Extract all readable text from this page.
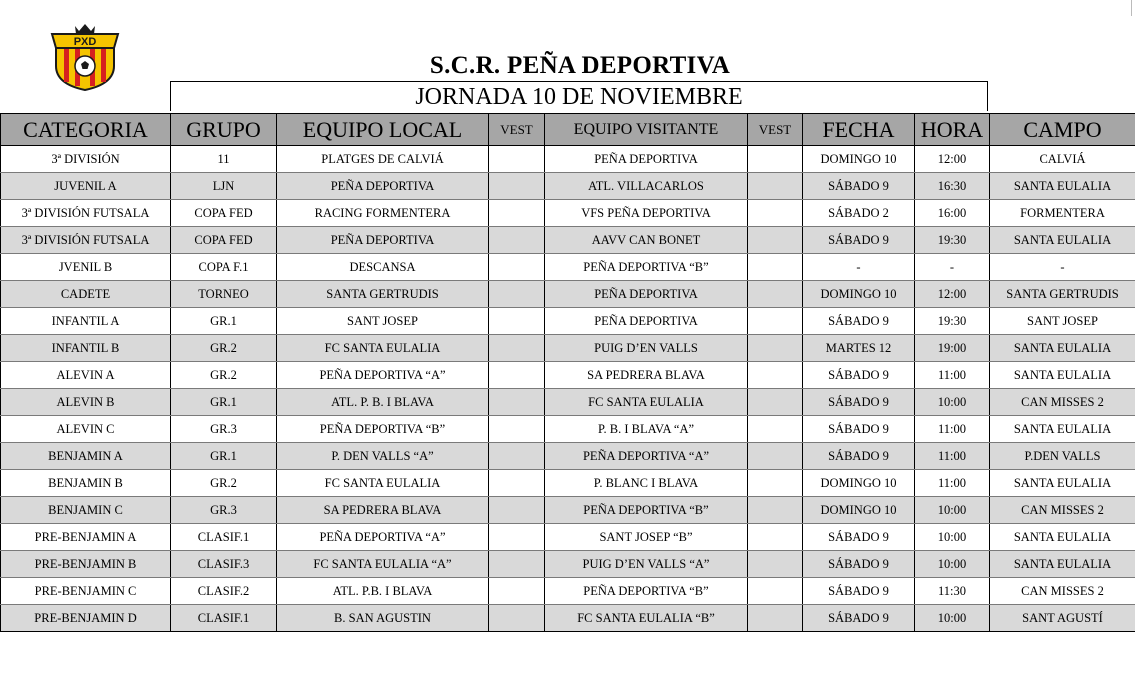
PXD
S.C.R. PEÑA DEPORTIVA
JORNADA 10 DE NOVIEMBRE
CATEGORIA	GRUPO	EQUIPO LOCAL	VEST	EQUIPO VISITANTE	VEST	FECHA	HORA	CAMPO
3ª DIVISIÓN	11	PLATGES DE CALVIÁ		PEÑA DEPORTIVA		DOMINGO 10	12:00	CALVIÁ
JUVENIL A	LJN	PEÑA DEPORTIVA		ATL. VILLACARLOS		SÁBADO 9	16:30	SANTA EULALIA
3ª DIVISIÓN FUTSALA	COPA FED	RACING FORMENTERA		VFS PEÑA DEPORTIVA		SÁBADO 2	16:00	FORMENTERA
3ª DIVISIÓN FUTSALA	COPA FED	PEÑA DEPORTIVA		AAVV CAN BONET		SÁBADO 9	19:30	SANTA EULALIA
JVENIL B	COPA F.1	DESCANSA		PEÑA DEPORTIVA “B”		-	-	-
CADETE	TORNEO	SANTA GERTRUDIS		PEÑA DEPORTIVA		DOMINGO 10	12:00	SANTA GERTRUDIS
INFANTIL A	GR.1	SANT JOSEP		PEÑA DEPORTIVA		SÁBADO 9	19:30	SANT JOSEP
INFANTIL B	GR.2	FC SANTA EULALIA		PUIG D’EN VALLS		MARTES 12	19:00	SANTA EULALIA
ALEVIN A	GR.2	PEÑA DEPORTIVA “A”		SA PEDRERA BLAVA		SÁBADO 9	11:00	SANTA EULALIA
ALEVIN B	GR.1	ATL. P. B. I BLAVA		FC SANTA EULALIA		SÁBADO 9	10:00	CAN MISSES 2
ALEVIN C	GR.3	PEÑA DEPORTIVA “B”		P. B. I BLAVA “A”		SÁBADO 9	11:00	SANTA EULALIA
BENJAMIN A	GR.1	P. DEN VALLS “A”		PEÑA DEPORTIVA “A”		SÁBADO 9	11:00	P.DEN VALLS
BENJAMIN B	GR.2	FC SANTA EULALIA		P. BLANC I BLAVA		DOMINGO 10	11:00	SANTA EULALIA
BENJAMIN C	GR.3	SA PEDRERA BLAVA		PEÑA DEPORTIVA “B”		DOMINGO 10	10:00	CAN MISSES 2
PRE-BENJAMIN A	CLASIF.1	PEÑA DEPORTIVA “A”		SANT JOSEP “B”		SÁBADO 9	10:00	SANTA EULALIA
PRE-BENJAMIN B	CLASIF.3	FC SANTA EULALIA “A”		PUIG D’EN VALLS “A”		SÁBADO 9	10:00	SANTA EULALIA
PRE-BENJAMIN C	CLASIF.2	ATL. P.B. I BLAVA		PEÑA DEPORTIVA “B”		SÁBADO 9	11:30	CAN MISSES 2
PRE-BENJAMIN D	CLASIF.1	B. SAN AGUSTIN		FC SANTA EULALIA “B”		SÁBADO 9	10:00	SANT AGUSTÍ
